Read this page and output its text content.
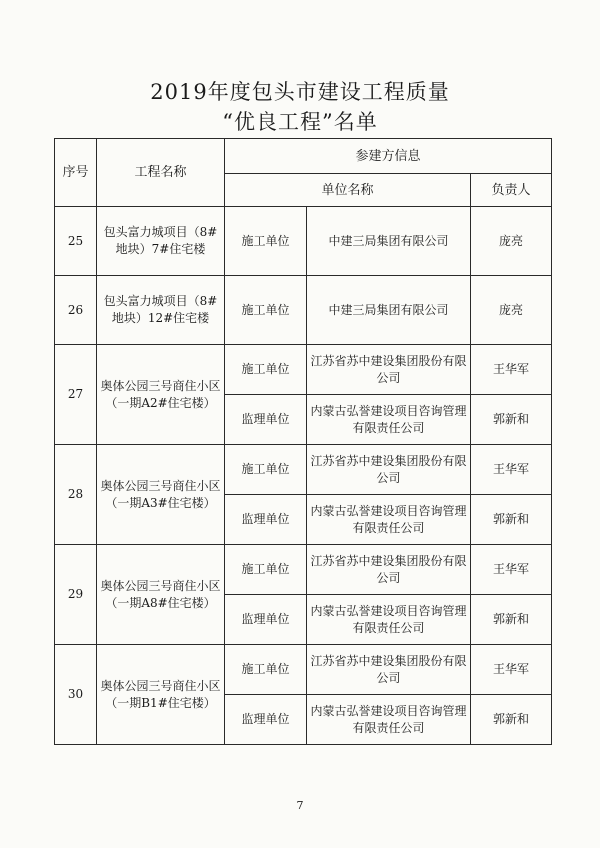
2019年度包头市建设工程质量
“优良工程”名单
序号	工程名称	参建方信息		
		单位名称		负责人
25	包头富力城项目（8#地块）7#住宅楼	施工单位	中建三局集团有限公司	庞亮
26	包头富力城项目（8#地块）12#住宅楼	施工单位	中建三局集团有限公司	庞亮
27	奥体公园三号商住小区（一期A2#住宅楼）	施工单位	江苏省苏中建设集团股份有限公司	王华军
		监理单位	内蒙古弘誉建设项目咨询管理有限责任公司	郭新和
28	奥体公园三号商住小区（一期A3#住宅楼）	施工单位	江苏省苏中建设集团股份有限公司	王华军
		监理单位	内蒙古弘誉建设项目咨询管理有限责任公司	郭新和
29	奥体公园三号商住小区（一期A8#住宅楼）	施工单位	江苏省苏中建设集团股份有限公司	王华军
		监理单位	内蒙古弘誉建设项目咨询管理有限责任公司	郭新和
30	奥体公园三号商住小区（一期B1#住宅楼）	施工单位	江苏省苏中建设集团股份有限公司	王华军
		监理单位	内蒙古弘誉建设项目咨询管理有限责任公司	郭新和
7
